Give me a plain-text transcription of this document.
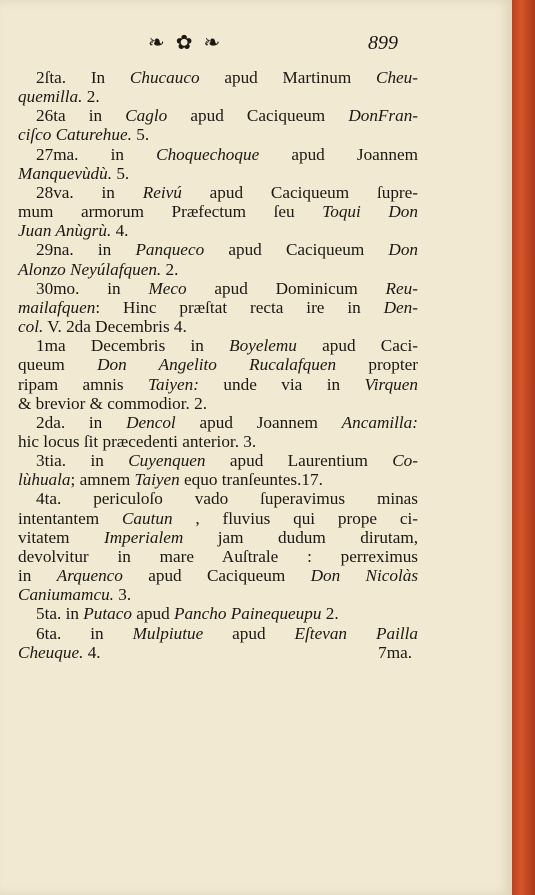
❧ ✿ ❧	899

2ſta. In Chucauco apud Martinum Cheu-
quemilla. 2.

26ta in Caglo apud Caciqueum DonFran-
ciſco Caturehue. 5.

27ma. in Choquechoque apud Joannem
Manquevùdù. 5.

28va. in Reivú apud Caciqueum ſupre-
mum armorum Præfectum ſeu Toqui Don
Juan Anùgrù. 4.

29na. in Panqueco apud Caciqueum Don
Alonzo Neyúlafquen. 2.

30mo. in Meco apud Dominicum Reu-
mailafquen: Hinc præſtat recta ire in Den-
col. V. 2da Decembris 4.

1ma Decembris in Boyelemu apud Caci-
queum Don Angelito Rucalafquen propter
ripam amnis Taiyen: unde via in Virquen
& brevior & commodior. 2.

2da. in Dencol apud Joannem Ancamilla:
hic locus ſit præcedenti anterior. 3.

3tia. in Cuyenquen apud Laurentium Co-
lùhuala; amnem Taiyen equo tranſeuntes.17.

4ta. periculoſo vado ſuperavimus minas
intentantem Cautun , fluvius qui prope ci-
vitatem Imperialem jam dudum dirutam,
devolvitur in mare Auſtrale : perreximus
in Arquenco apud Caciqueum Don Nicolàs
Caniumamcu. 3.

5ta. in Putaco apud Pancho Painequeupu 2.

6ta. in Mulpiutue apud Eſtevan Pailla
Cheuque. 4.	7ma.
